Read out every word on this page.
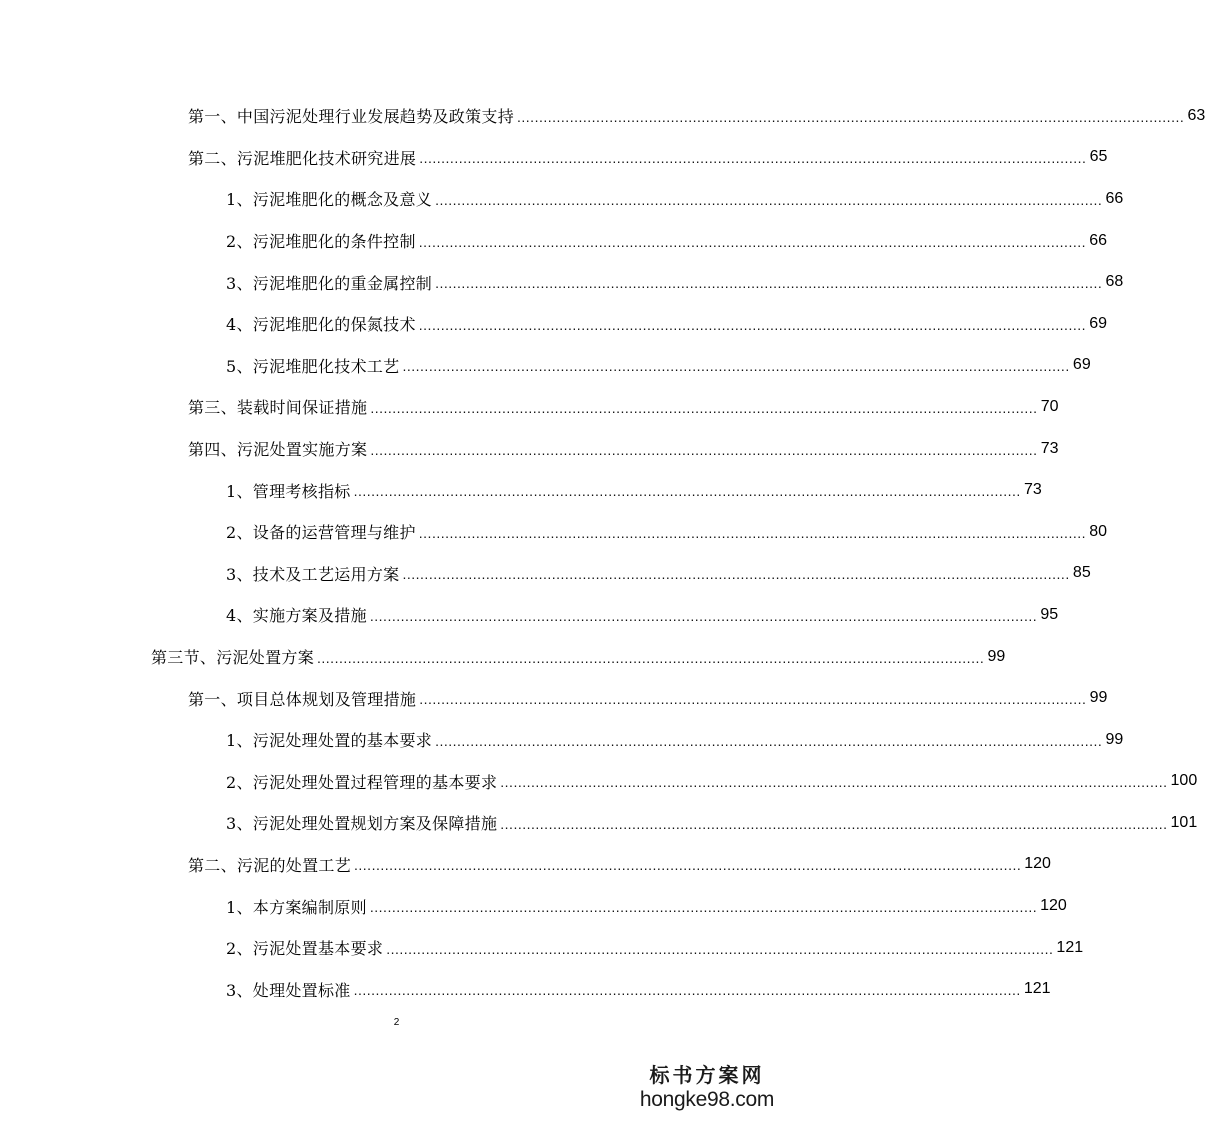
第一、中国污泥处理行业发展趋势及政策支持 ........................................................................................................................................................ 63
第二、污泥堆肥化技术研究进展 ........................................................................................................................................................ 65
1、污泥堆肥化的概念及意义 ........................................................................................................................................................ 66
2、污泥堆肥化的条件控制 ........................................................................................................................................................ 66
3、污泥堆肥化的重金属控制 ........................................................................................................................................................ 68
4、污泥堆肥化的保氮技术 ........................................................................................................................................................ 69
5、污泥堆肥化技术工艺 ........................................................................................................................................................ 69
第三、装载时间保证措施 ........................................................................................................................................................ 70
第四、污泥处置实施方案 ........................................................................................................................................................ 73
1、管理考核指标 ........................................................................................................................................................ 73
2、设备的运营管理与维护 ........................................................................................................................................................ 80
3、技术及工艺运用方案 ........................................................................................................................................................ 85
4、实施方案及措施 ........................................................................................................................................................ 95
第三节、污泥处置方案 ........................................................................................................................................................ 99
第一、项目总体规划及管理措施 ........................................................................................................................................................ 99
1、污泥处理处置的基本要求 ........................................................................................................................................................ 99
2、污泥处理处置过程管理的基本要求 ........................................................................................................................................................ 100
3、污泥处理处置规划方案及保障措施 ........................................................................................................................................................ 101
第二、污泥的处置工艺 ........................................................................................................................................................ 120
1、本方案编制原则 ........................................................................................................................................................ 120
2、污泥处置基本要求 ........................................................................................................................................................ 121
3、处理处置标准 ........................................................................................................................................................ 121
2
标书方案网
hongke98.com
